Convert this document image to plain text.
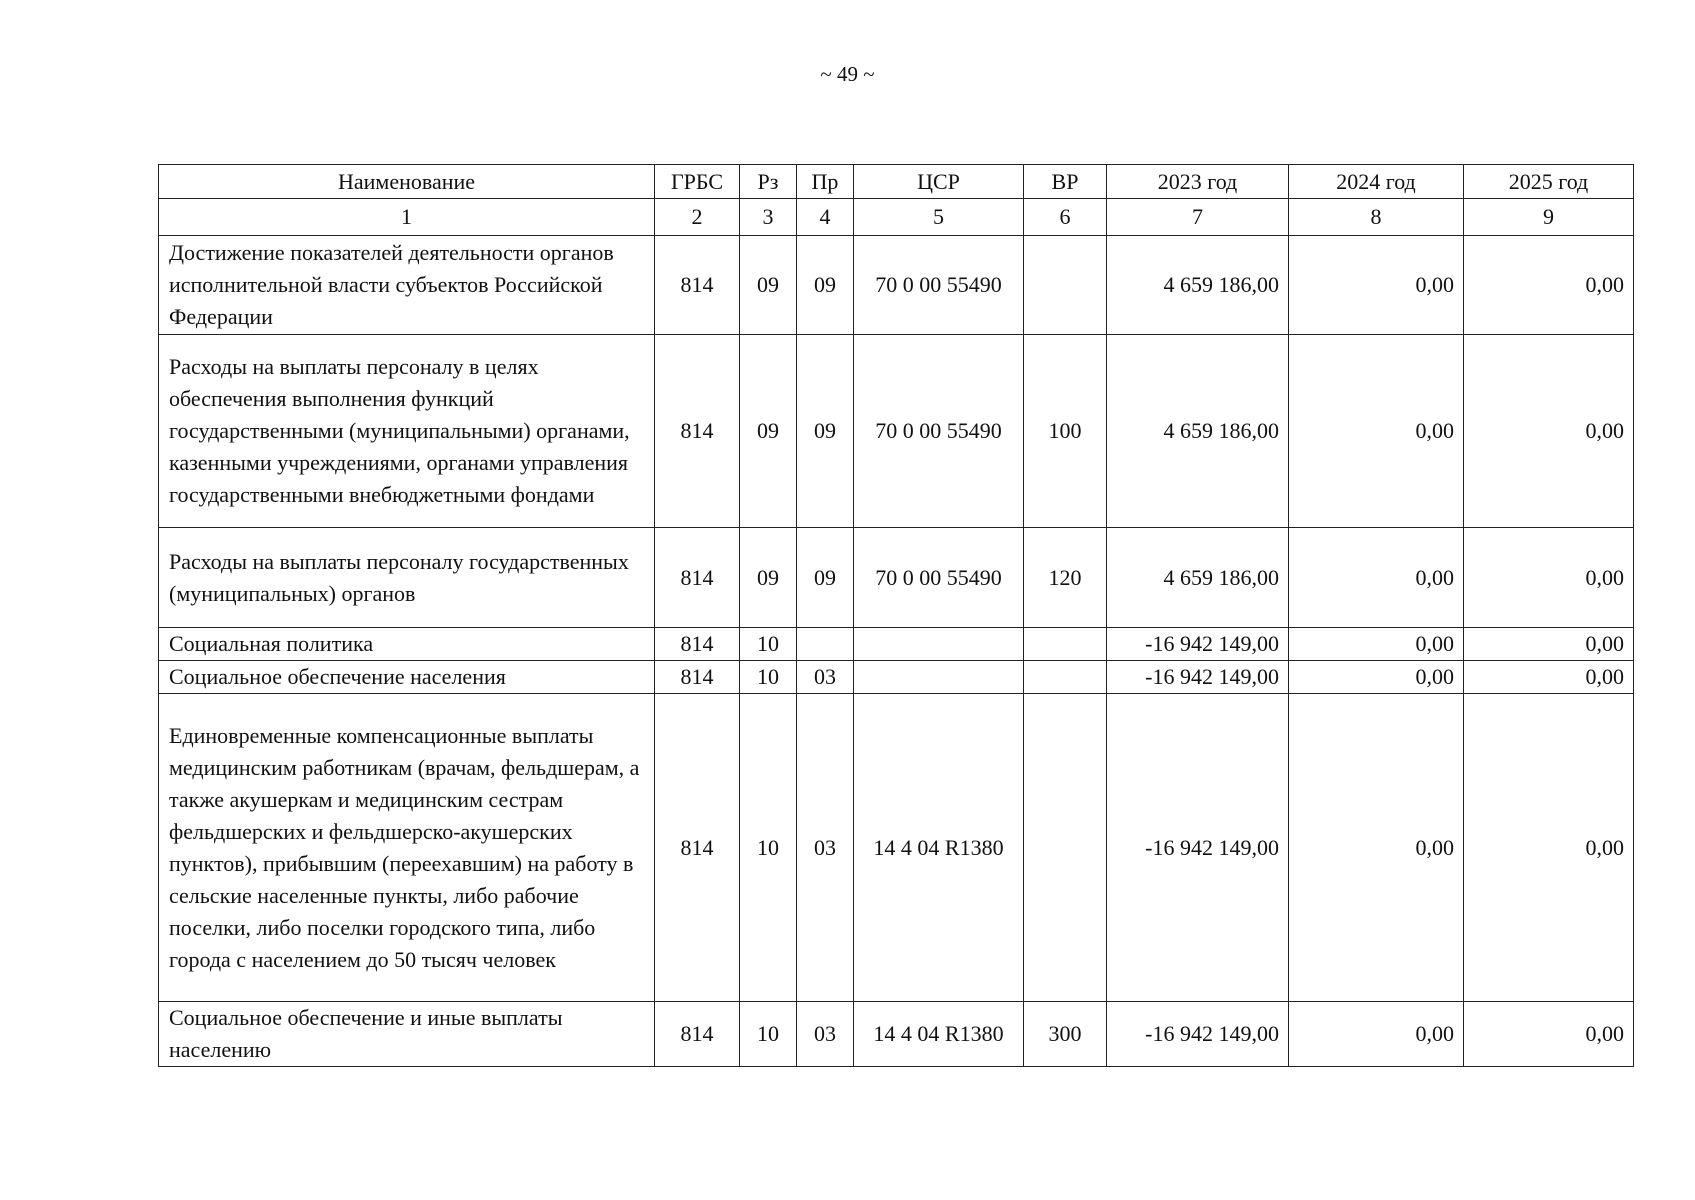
~ 49 ~
Наименование	ГРБС	Рз	Пр	ЦСР	ВР	2023 год	2024 год	2025 год
1	2	3	4	5	6	7	8	9
Достижение показателей деятельности органов исполнительной власти субъектов Российской Федерации	814	09	09	70 0 00 55490		4 659 186,00	0,00	0,00
Расходы на выплаты персоналу в целях обеспечения выполнения функций государственными (муниципальными) органами, казенными учреждениями, органами управления государственными внебюджетными фондами	814	09	09	70 0 00 55490	100	4 659 186,00	0,00	0,00
Расходы на выплаты персоналу государственных (муниципальных) органов	814	09	09	70 0 00 55490	120	4 659 186,00	0,00	0,00
Социальная политика	814	10				-16 942 149,00	0,00	0,00
Социальное обеспечение населения	814	10	03			-16 942 149,00	0,00	0,00
Единовременные компенсационные выплаты медицинским работникам (врачам, фельдшерам, а также акушеркам и медицинским сестрам фельдшерских и фельдшерско-акушерских пунктов), прибывшим (переехавшим) на работу в сельские населенные пункты, либо рабочие поселки, либо поселки городского типа, либо города с населением до 50 тысяч человек	814	10	03	14 4 04 R1380		-16 942 149,00	0,00	0,00
Социальное обеспечение и иные выплаты населению	814	10	03	14 4 04 R1380	300	-16 942 149,00	0,00	0,00
